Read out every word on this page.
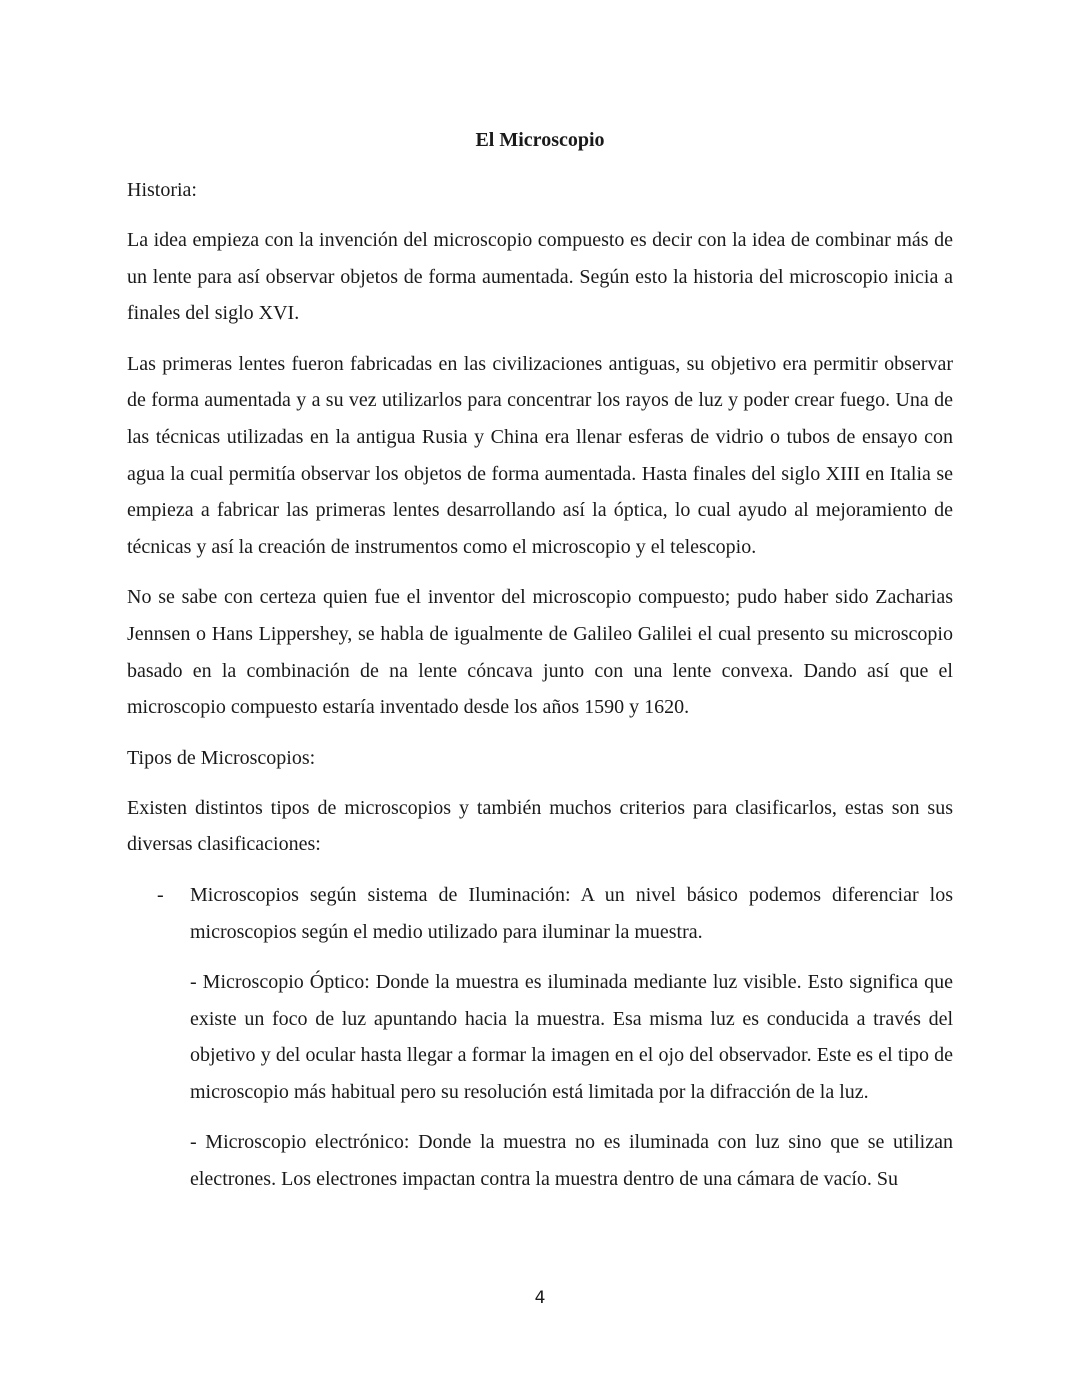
El Microscopio
Historia:

La idea empieza con la invención del microscopio compuesto es decir con la idea de combinar más de un lente para así observar objetos de forma aumentada. Según esto la historia del microscopio inicia a finales del siglo XVI.

Las primeras lentes fueron fabricadas en las civilizaciones antiguas, su objetivo era permitir observar de forma aumentada y a su vez utilizarlos para concentrar los rayos de luz y poder crear fuego. Una de las técnicas utilizadas en la antigua Rusia y China era llenar esferas de vidrio o tubos de ensayo con agua la cual permitía observar los objetos de forma aumentada. Hasta finales del siglo XIII en Italia se empieza a fabricar las primeras lentes desarrollando así la óptica, lo cual ayudo al mejoramiento de técnicas y así la creación de instrumentos como el microscopio y el telescopio.

No se sabe con certeza quien fue el inventor del microscopio compuesto; pudo haber sido Zacharias Jennsen o Hans Lippershey, se habla de igualmente de Galileo Galilei el cual presento su microscopio basado en la combinación de na lente cóncava junto con una lente convexa. Dando así que el microscopio compuesto estaría inventado desde los años 1590 y 1620.

Tipos de Microscopios:

Existen distintos tipos de microscopios y también muchos criterios para clasificarlos, estas son sus diversas clasificaciones:

- Microscopios según sistema de Iluminación: A un nivel básico podemos diferenciar los microscopios según el medio utilizado para iluminar la muestra.

- Microscopio Óptico: Donde la muestra es iluminada mediante luz visible. Esto significa que existe un foco de luz apuntando hacia la muestra. Esa misma luz es conducida a través del objetivo y del ocular hasta llegar a formar la imagen en el ojo del observador. Este es el tipo de microscopio más habitual pero su resolución está limitada por la difracción de la luz.

- Microscopio electrónico: Donde la muestra no es iluminada con luz sino que se utilizan electrones. Los electrones impactan contra la muestra dentro de una cámara de vacío. Su

4
